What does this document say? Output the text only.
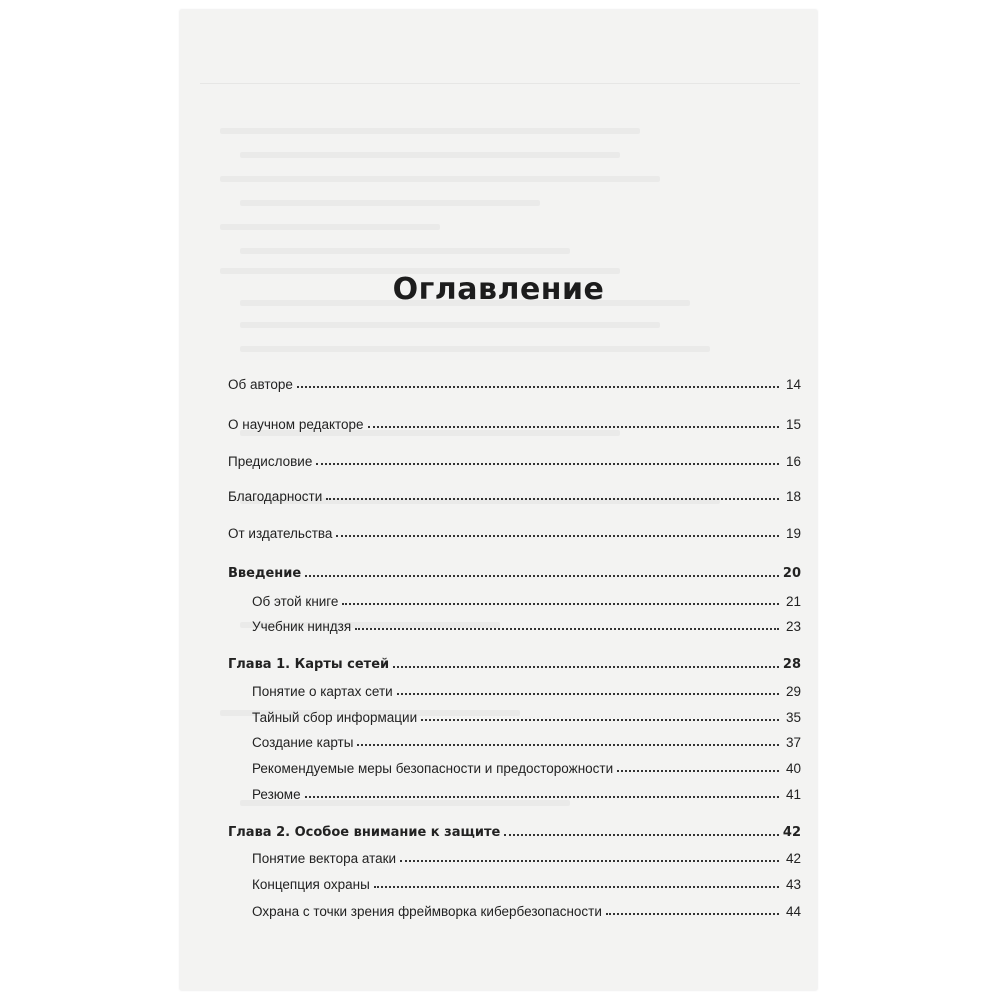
Оглавление
Об авторе	14
О научном редакторе	15
Предисловие	16
Благодарности	18
От издательства	19
Введение	20
Об этой книге	21
Учебник ниндзя	23
Глава 1. Карты сетей	28
Понятие о картах сети	29
Тайный сбор информации	35
Создание карты	37
Рекомендуемые меры безопасности и предосторожности	40
Резюме	41
Глава 2. Особое внимание к защите	42
Понятие вектора атаки	42
Концепция охраны	43
Охрана с точки зрения фреймворка кибербезопасности	44
